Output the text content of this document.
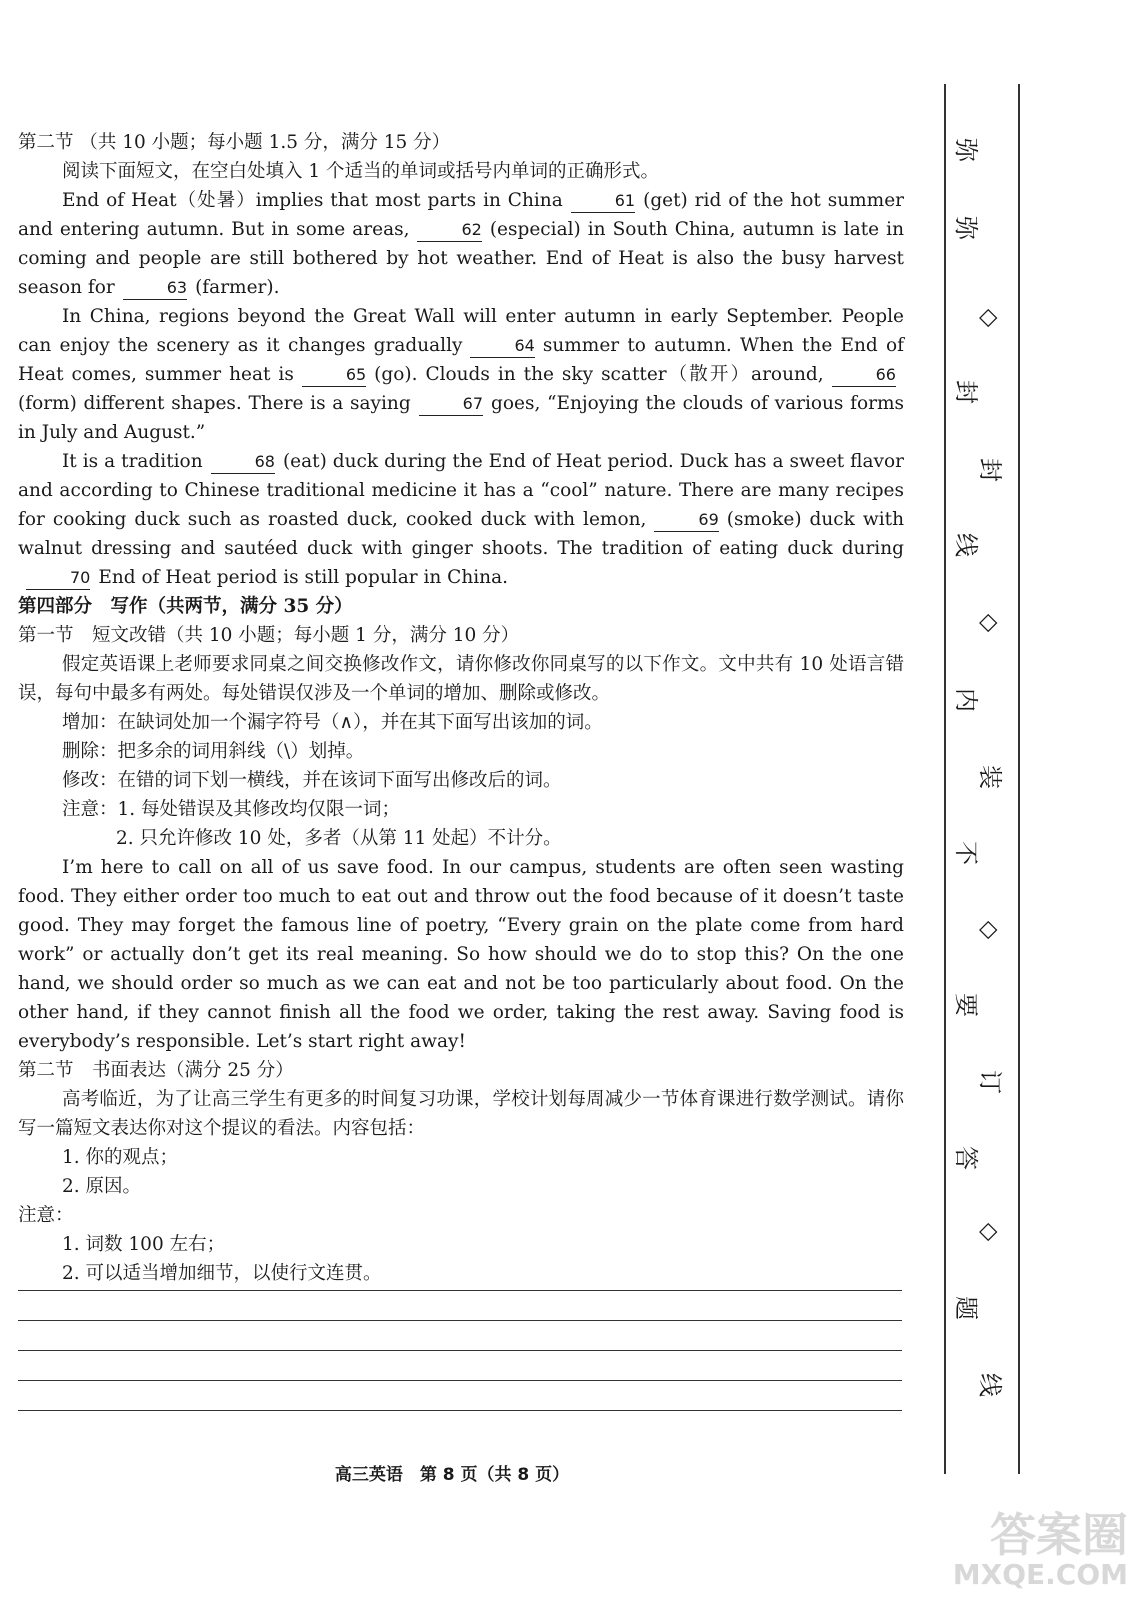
第二节 （共 10 小题；每小题 1.5 分，满分 15 分）

阅读下面短文，在空白处填入 1 个适当的单词或括号内单词的正确形式。

End of Heat（处暑）implies that most parts in China	61 (get) rid of the hot summer and entering autumn. But in some areas,	62 (especial) in South China, autumn is late in coming and people are still bothered by hot weather. End of Heat is also the busy harvest season for	63 (farmer).

In China, regions beyond the Great Wall will enter autumn in early September. People can enjoy the scenery as it changes gradually	64 summer to autumn. When the End of Heat comes, summer heat is	65 (go). Clouds in the sky scatter（散开）around,	66(form) different shapes. There is a saying	67 goes, “Enjoying the clouds of various forms in July and August.”

It is a tradition	68 (eat) duck during the End of Heat period. Duck has a sweet flavor and according to Chinese traditional medicine it has a “cool” nature. There are many recipes for cooking duck such as roasted duck, cooked duck with lemon,	69 (smoke) duck with walnut dressing and sautéed duck with ginger shoots. The tradition of eating duck during70 End of Heat period is still popular in China.

第四部分　写作（共两节，满分 35 分）

第一节　短文改错（共 10 小题；每小题 1 分，满分 10 分）

假定英语课上老师要求同桌之间交换修改作文，请你修改你同桌写的以下作文。文中共有 10 处语言错误，每句中最多有两处。每处错误仅涉及一个单词的增加、删除或修改。

增加：在缺词处加一个漏字符号（∧），并在其下面写出该加的词。

删除：把多余的词用斜线（\）划掉。

修改：在错的词下划一横线，并在该词下面写出修改后的词。

注意：1. 每处错误及其修改均仅限一词；

2. 只允许修改 10 处，多者（从第 11 处起）不计分。

I’m here to call on all of us save food. In our campus, students are often seen wasting food. They either order too much to eat out and throw out the food because of it doesn’t taste good. They may forget the famous line of poetry, “Every grain on the plate come from hard work” or actually don’t get its real meaning. So how should we do to stop this? On the one hand, we should order so much as we can eat and not be too particularly about food. On the other hand, if they cannot finish all the food we order, taking the rest away. Saving food is everybody’s responsible. Let’s start right away!

第二节　书面表达（满分 25 分）

高考临近，为了让高三学生有更多的时间复习功课，学校计划每周减少一节体育课进行数学测试。请你写一篇短文表达你对这个提议的看法。内容包括：

1. 你的观点；

2. 原因。

注意：

1. 词数 100 左右；

2. 可以适当增加细节，以使行文连贯。

高三英语　第 8 页（共 8 页）
弥
弥
◇
封
封
线
◇
内
装
不
◇
要
订
答
◇
题
线
答案圈
MXQE.COM
